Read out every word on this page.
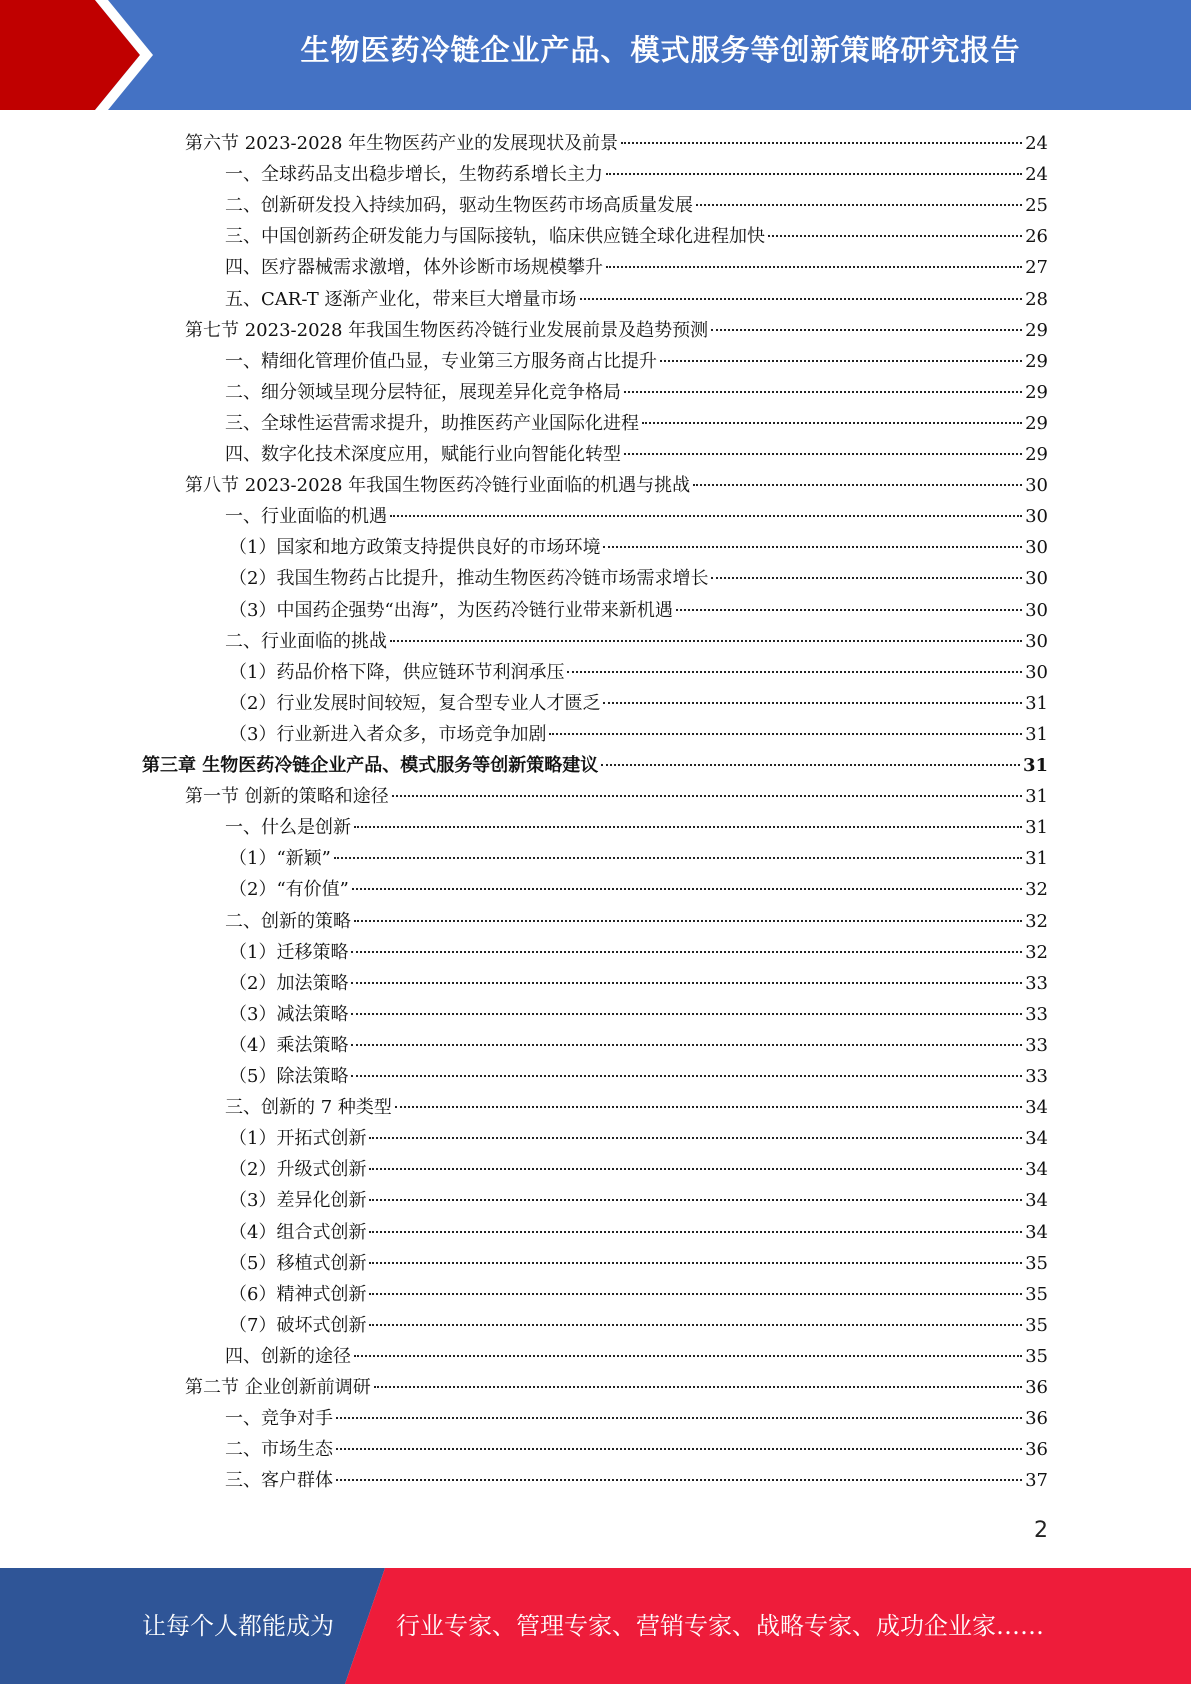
生物医药冷链企业产品、模式服务等创新策略研究报告
第六节 2023-2028 年生物医药产业的发展现状及前景	24
一、全球药品支出稳步增长，生物药系增长主力	24
二、创新研发投入持续加码，驱动生物医药市场高质量发展	25
三、中国创新药企研发能力与国际接轨，临床供应链全球化进程加快	26
四、医疗器械需求激增，体外诊断市场规模攀升	27
五、CAR-T 逐渐产业化，带来巨大增量市场	28
第七节 2023-2028 年我国生物医药冷链行业发展前景及趋势预测	29
一、精细化管理价值凸显，专业第三方服务商占比提升	29
二、细分领域呈现分层特征，展现差异化竞争格局	29
三、全球性运营需求提升，助推医药产业国际化进程	29
四、数字化技术深度应用，赋能行业向智能化转型	29
第八节 2023-2028 年我国生物医药冷链行业面临的机遇与挑战	30
一、行业面临的机遇	30
（1）国家和地方政策支持提供良好的市场环境	30
（2）我国生物药占比提升，推动生物医药冷链市场需求增长	30
（3）中国药企强势“出海”，为医药冷链行业带来新机遇	30
二、行业面临的挑战	30
（1）药品价格下降，供应链环节利润承压	30
（2）行业发展时间较短，复合型专业人才匮乏	31
（3）行业新进入者众多，市场竞争加剧	31
第三章 生物医药冷链企业产品、模式服务等创新策略建议	31
第一节 创新的策略和途径	31
一、什么是创新	31
（1）“新颖”	31
（2）“有价值”	32
二、创新的策略	32
（1）迁移策略	32
（2）加法策略	33
（3）减法策略	33
（4）乘法策略	33
（5）除法策略	33
三、创新的 7 种类型	34
（1）开拓式创新	34
（2）升级式创新	34
（3）差异化创新	34
（4）组合式创新	34
（5）移植式创新	35
（6）精神式创新	35
（7）破坏式创新	35
四、创新的途径	35
第二节 企业创新前调研	36
一、竞争对手	36
二、市场生态	36
三、客户群体	37
2
让每个人都能成为	行业专家、管理专家、营销专家、战略专家、成功企业家……
